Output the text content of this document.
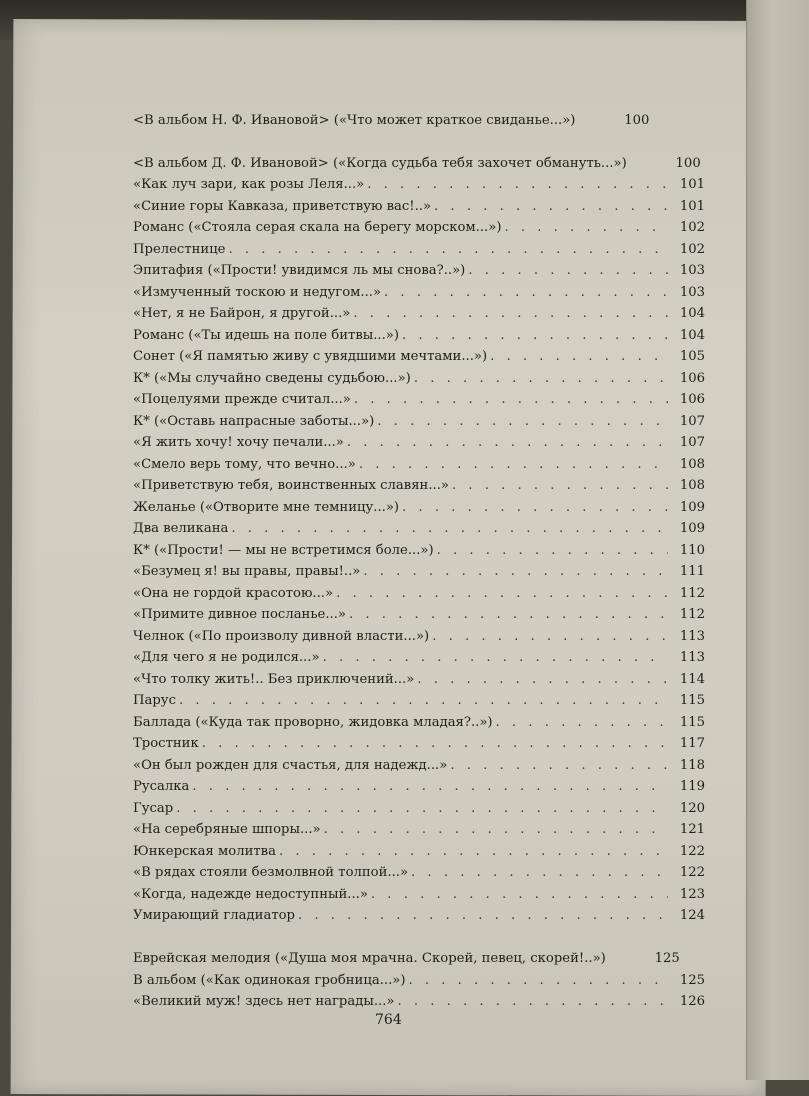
<В альбом Н. Ф. Ивановой> («Что может краткое свиданье...»)	100
<В альбом Д. Ф. Ивановой> («Когда судьба тебя захочет обмануть...»)	100
«Как луч зари, как розы Леля...» . . .	101
«Синие горы Кавказа, приветствую вас!..» . . .	101
Романс («Стояла серая скала на берегу морском...») . . .	102
Прелестнице . . .	102
Эпитафия («Прости! увидимся ль мы снова?..») . . .	103
«Измученный тоскою и недугом...» . . .	103
«Нет, я не Байрон, я другой...» . . .	104
Романс («Ты идешь на поле битвы...») . . .	104
Сонет («Я памятью живу с увядшими мечтами...») . . .	105
К* («Мы случайно сведены судьбою...») . . .	106
«Поцелуями прежде считал...» . . .	106
К* («Оставь напрасные заботы...») . . .	107
«Я жить хочу! хочу печали...» . . .	107
«Смело верь тому, что вечно...» . . .	108
«Приветствую тебя, воинственных славян...» . . .	108
Желанье («Отворите мне темницу...») . . .	109
Два великана . . .	109
К* («Прости! — мы не встретимся боле...») . . .	110
«Безумец я! вы правы, правы!..» . . .	111
«Она не гордой красотою...» . . .	112
«Примите дивное посланье...» . . .	112
Челнок («По произволу дивной власти...») . . .	113
«Для чего я не родился...» . . .	113
«Что толку жить!.. Без приключений...» . . .	114
Парус . . .	115
Баллада («Куда так проворно, жидовка младая?..») . . .	115
Тростник . . .	117
«Он был рожден для счастья, для надежд...» . . .	118
Русалка . . .	119
Гусар . . .	120
«На серебряные шпоры...» . . .	121
Юнкерская молитва . . .	122
«В рядах стояли безмолвной толпой...» . . .	122
«Когда, надежде недоступный...» . . .	123
Умирающий гладиатор . . .	124
Еврейская мелодия («Душа моя мрачна. Скорей, певец, скорей!..»)	125
В альбом («Как одинокая гробница...») . . .	125
«Великий муж! здесь нет награды...» . . .	126
764
